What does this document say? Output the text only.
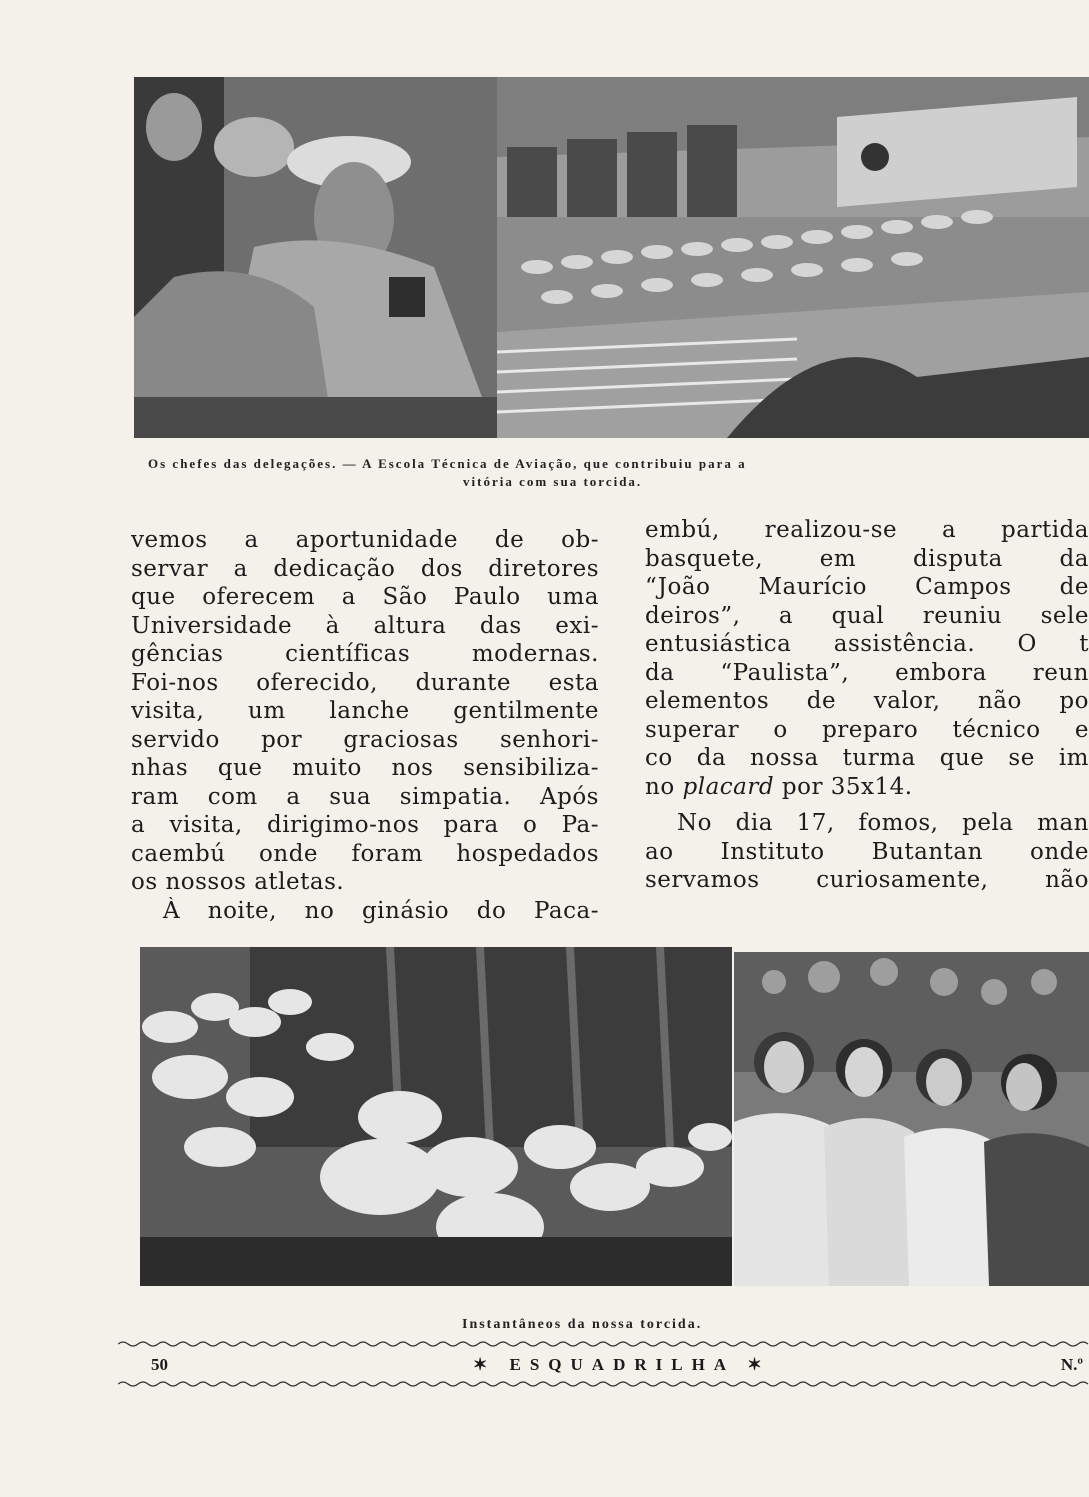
Os chefes das delegações. — A Escola Técnica de Aviação, que contribuiu para a
vitória com sua torcida.
vemos a aportunidade de ob-
servar a dedicação dos diretores
que oferecem a São Paulo uma
Universidade à altura das exi-
gências científicas modernas.
Foi-nos oferecido, durante esta
visita, um lanche gentilmente
servido por graciosas senhori-
nhas que muito nos sensibiliza-
ram com a sua simpatia. Após
a visita, dirigimo-nos para o Pa-
caembú onde foram hospedados
os nossos atletas.
À noite, no ginásio do Paca-
embú, realizou-se a partida
basquete, em disputa da
“João Maurício Campos de
deiros”, a qual reuniu sele
entusiástica assistência. O t
da “Paulista”, embora reun
elementos de valor, não po
superar o preparo técnico e
co da nossa turma que se im
no placard por 35x14.
No dia 17, fomos, pela man
ao Instituto Butantan onde
servamos curiosamente, não
Instantâneos da nossa torcida.
50	✶ ESQUADRILHA ✶	N.º
